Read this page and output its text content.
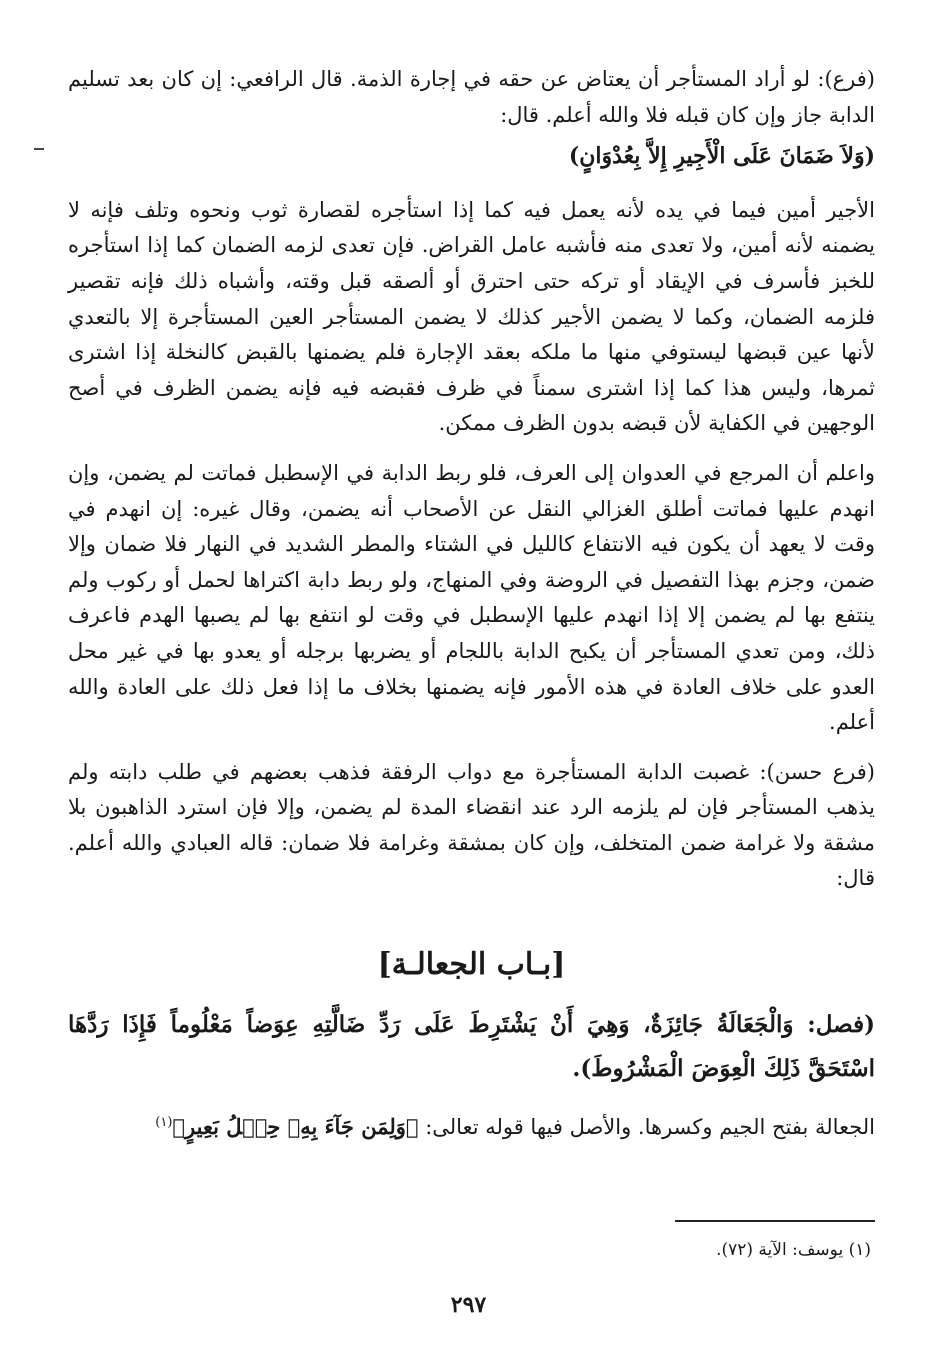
(فرع): لو أراد المستأجر أن يعتاض عن حقه في إجارة الذمة. قال الرافعي: إن كان بعد تسليم الدابة جاز وإن كان قبله فلا والله أعلم. قال:

(وَلاَ ضَمَانَ عَلَى الْأَجِيرِ إِلاَّ بِعُدْوَانٍ)

الأجير أمين فيما في يده لأنه يعمل فيه كما إذا استأجره لقصارة ثوب ونحوه وتلف فإنه لا يضمنه لأنه أمين، ولا تعدى منه فأشبه عامل القراض. فإن تعدى لزمه الضمان كما إذا استأجره للخبز فأسرف في الإيقاد أو تركه حتى احترق أو ألصقه قبل وقته، وأشباه ذلك فإنه تقصير فلزمه الضمان، وكما لا يضمن الأجير كذلك لا يضمن المستأجر العين المستأجرة إلا بالتعدي لأنها عين قبضها ليستوفي منها ما ملكه بعقد الإجارة فلم يضمنها بالقبض كالنخلة إذا اشترى ثمرها، وليس هذا كما إذا اشترى سمناً في ظرف فقبضه فيه فإنه يضمن الظرف في أصح الوجهين في الكفاية لأن قبضه بدون الظرف ممكن.

واعلم أن المرجع في العدوان إلى العرف، فلو ربط الدابة في الإسطبل فماتت لم يضمن، وإن انهدم عليها فماتت أطلق الغزالي النقل عن الأصحاب أنه يضمن، وقال غيره: إن انهدم في وقت لا يعهد أن يكون فيه الانتفاع كالليل في الشتاء والمطر الشديد في النهار فلا ضمان وإلا ضمن، وجزم بهذا التفصيل في الروضة وفي المنهاج، ولو ربط دابة اكتراها لحمل أو ركوب ولم ينتفع بها لم يضمن إلا إذا انهدم عليها الإسطبل في وقت لو انتفع بها لم يصبها الهدم فاعرف ذلك، ومن تعدي المستأجر أن يكبح الدابة باللجام أو يضربها برجله أو يعدو بها في غير محل العدو على خلاف العادة في هذه الأمور فإنه يضمنها بخلاف ما إذا فعل ذلك على العادة والله أعلم.

(فرع حسن): غصبت الدابة المستأجرة مع دواب الرفقة فذهب بعضهم في طلب دابته ولم يذهب المستأجر فإن لم يلزمه الرد عند انقضاء المدة لم يضمن، وإلا فإن استرد الذاهبون بلا مشقة ولا غرامة ضمن المتخلف، وإن كان بمشقة وغرامة فلا ضمان: قاله العبادي والله أعلم. قال:

[بـاب الجعالـة]

(فصل: وَالْجَعَالَةُ جَائِزَةٌ، وَهِيَ أَنْ يَشْتَرِطَ عَلَى رَدِّ ضَالَّتِهِ عِوَضاً مَعْلُوماً فَإِذَا رَدَّهَا اسْتَحَقَّ ذَلِكَ الْعِوَضَ الْمَشْرُوطَ).

الجعالة بفتح الجيم وكسرها. والأصل فيها قوله تعالى: ﴿وَلِمَن جَآءَ بِهِۦ حِمۡلُ بَعِيرٍ﴾$^{(١)}$

(١) يوسف: الآية (٧٢).
٢٩٧
